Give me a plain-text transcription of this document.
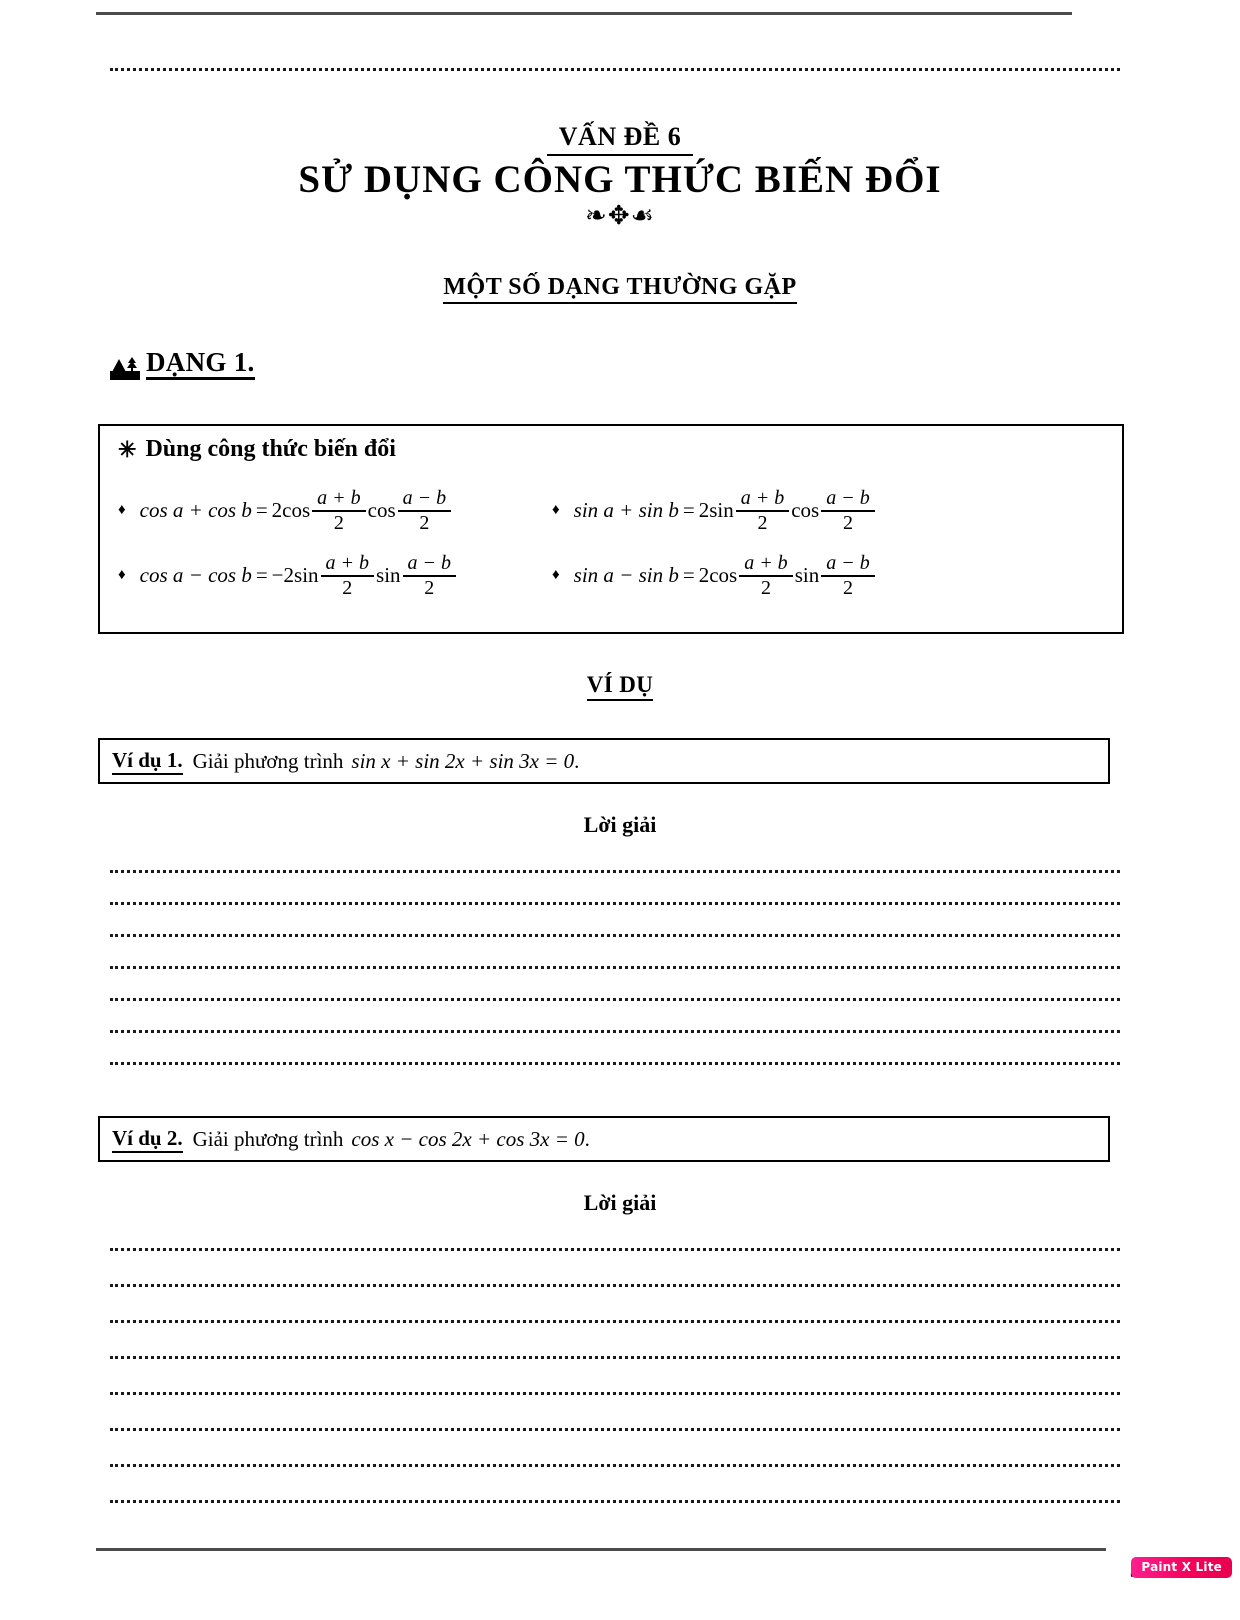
VẤN ĐỀ 6
SỬ DỤNG CÔNG THỨC BIẾN ĐỔI
❧✥☙
MỘT SỐ DẠNG THƯỜNG GẶP
DẠNG 1.
✳ Dùng công thức biến đổi
♦ $\cos a + \cos b = 2\cos \frac{a + b}{2}$ $\cos \frac{a - b}{2}$
♦ $\cos a - \cos b = -2\sin \frac{a + b}{2}$ $\sin \frac{a - b}{2}$
♦ $\sin a + \sin b = 2\sin \frac{a + b}{2}$ $\cos \frac{a - b}{2}$
♦ $\sin a - \sin b = 2\cos \frac{a + b}{2}$ $\sin \frac{a - b}{2}$
VÍ DỤ
Ví dụ 1. Giải phương trình sin x + sin 2x + sin 3x = 0 .
Lời giải
Ví dụ 2. Giải phương trình cos x − cos 2x + cos 3x = 0 .
Lời giải
Paint X Lite
